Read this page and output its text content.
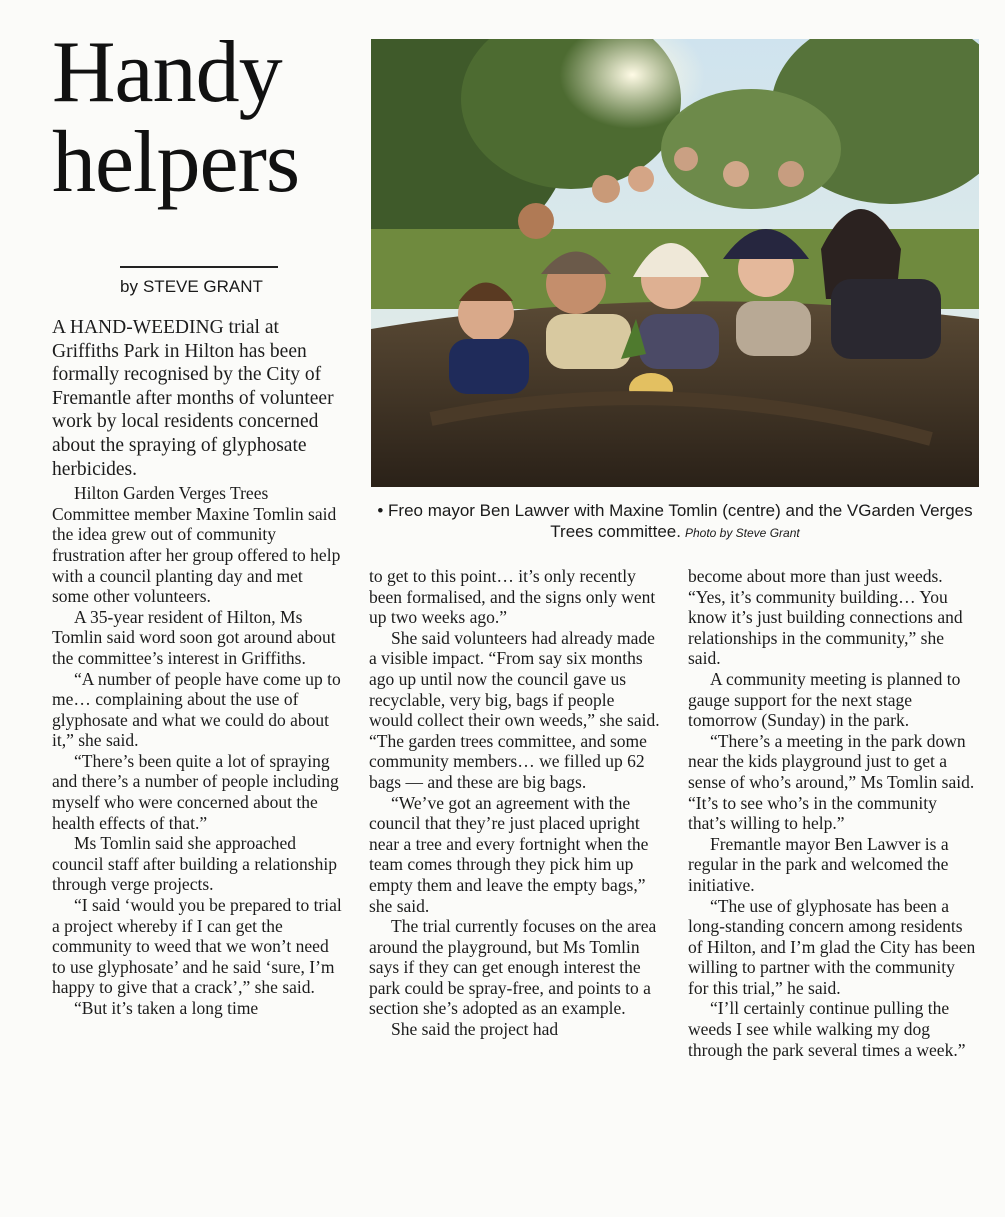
Handy
helpers
by STEVE GRANT
• Freo mayor Ben Lawver with Maxine Tomlin (centre) and the VGarden Verges Trees committee. Photo by Steve Grant

A HAND-WEEDING trial at Griffiths Park in Hilton has been formally recognised by the City of Fremantle after months of volunteer work by local residents concerned about the spraying of glyphosate herbicides.

Hilton Garden Verges Trees Committee member Maxine Tomlin said the idea grew out of community frustration after her group offered to help with a council planting day and met some other volunteers.

A 35-year resident of Hilton, Ms Tomlin said word soon got around about the committee’s interest in Griffiths.

“A number of people have come up to me… complaining about the use of glyphosate and what we could do about it,” she said.

“There’s been quite a lot of spraying and there’s a number of people including myself who were concerned about the health effects of that.”

Ms Tomlin said she approached council staff after building a relationship through verge projects.

“I said ‘would you be prepared to trial a project whereby if I can get the community to weed that we won’t need to use glyphosate’ and he said ‘sure, I’m happy to give that a crack’,” she said.

“But it’s taken a long time

to get to this point… it’s only recently been formalised, and the signs only went up two weeks ago.”

She said volunteers had already made a visible impact. “From say six months ago up until now the council gave us recyclable, very big, bags if people would collect their own weeds,” she said. “The garden trees committee, and some community members… we filled up 62 bags — and these are big bags.

“We’ve got an agreement with the council that they’re just placed upright near a tree and every fortnight when the team comes through they pick him up empty them and leave the empty bags,” she said.

The trial currently focuses on the area around the playground, but Ms Tomlin says if they can get enough interest the park could be spray-free, and points to a section she’s adopted as an example.

She said the project had

become about more than just weeds. “Yes, it’s community building… You know it’s just building connections and relationships in the community,” she said.

A community meeting is planned to gauge support for the next stage tomorrow (Sunday) in the park.

“There’s a meeting in the park down near the kids playground just to get a sense of who’s around,” Ms Tomlin said. “It’s to see who’s in the community that’s willing to help.”

Fremantle mayor Ben Lawver is a regular in the park and welcomed the initiative.

“The use of glyphosate has been a long-standing concern among residents of Hilton, and I’m glad the City has been willing to partner with the community for this trial,” he said.

“I’ll certainly continue pulling the weeds I see while walking my dog through the park several times a week.”
